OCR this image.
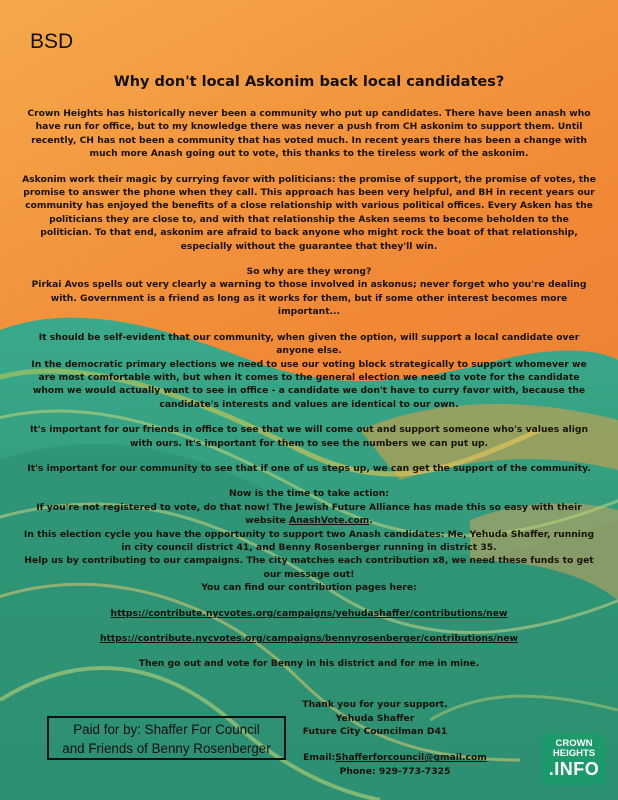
BSD
Why don't local Askonim back local candidates?

Crown Heights has historically never been a community who put up candidates. There have been anash who have run for office, but to my knowledge there was never a push from CH askonim to support them. Until recently, CH has not been a community that has voted much. In recent years there has been a change with much more Anash going out to vote, this thanks to the tireless work of the askonim.

Askonim work their magic by currying favor with politicians: the promise of support, the promise of votes, the promise to answer the phone when they call. This approach has been very helpful, and BH in recent years our community has enjoyed the benefits of a close relationship with various political offices. Every Asken has the politicians they are close to, and with that relationship the Asken seems to become beholden to the politician. To that end, askonim are afraid to back anyone who might rock the boat of that relationship, especially without the guarantee that they'll win.

So why are they wrong?

Pirkai Avos spells out very clearly a warning to those involved in askonus; never forget who you're dealing with. Government is a friend as long as it works for them, but if some other interest becomes more important...

It should be self-evident that our community, when given the option, will support a local candidate over anyone else.

In the democratic primary elections we need to use our voting block strategically to support whomever we are most comfortable with, but when it comes to the general election we need to vote for the candidate whom we would actually want to see in office - a candidate we don't have to curry favor with, because the candidate's interests and values are identical to our own.

It's important for our friends in office to see that we will come out and support someone who's values align with ours. It's important for them to see the numbers we can put up.

It's important for our community to see that if one of us steps up, we can get the support of the community.

Now is the time to take action:

If you're not registered to vote, do that now! The Jewish Future Alliance has made this so easy with their website AnashVote.com.

In this election cycle you have the opportunity to support two Anash candidates: Me, Yehuda Shaffer, running in city council district 41, and Benny Rosenberger running in district 35.

Help us by contributing to our campaigns. The city matches each contribution x8, we need these funds to get our message out!

You can find our contribution pages here:

https://contribute.nycvotes.org/campaigns/yehudashaffer/contributions/new

https://contribute.nycvotes.org/campaigns/bennyrosenberger/contributions/new

Then go out and vote for Benny in his district and for me in mine.

Thank you for your support.

Yehuda Shaffer

Future City Councilman D41

Email:Shafferforcouncil@gmail.com

Phone: 929-773-7325

Paid for by: Shaffer For Council

and Friends of Benny Rosenberger	CROWN
HEIGHTS
.INFO
